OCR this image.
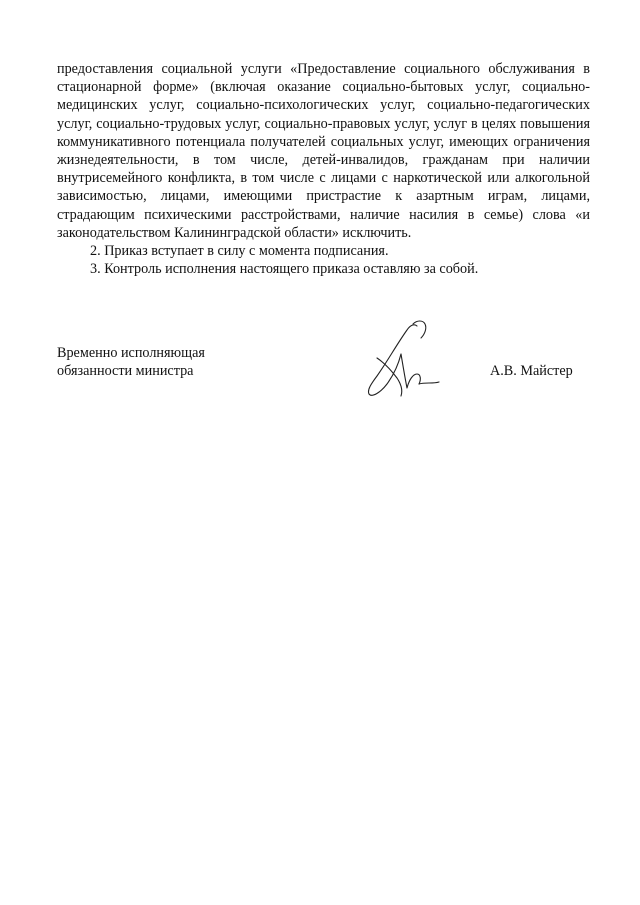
предоставления социальной услуги «Предоставление социального обслуживания в стационарной форме» (включая оказание социально-бытовых услуг, социально-медицинских услуг, социально-психологических услуг, социально-педагогических услуг, социально-трудовых услуг, социально-правовых услуг, услуг в целях повышения коммуникативного потенциала получателей социальных услуг, имеющих ограничения жизнедеятельности, в том числе, детей-инвалидов, гражданам при наличии внутрисемейного конфликта, в том числе с лицами с наркотической или алкогольной зависимостью, лицами, имеющими пристрастие к азартным играм, лицами, страдающим психическими расстройствами, наличие насилия в семье) слова «и законодательством Калининградской области» исключить.

2. Приказ вступает в силу с момента подписания.

3. Контроль исполнения настоящего приказа оставляю за собой.

Временно исполняющая
обязанности министра	А.В. Майстер
